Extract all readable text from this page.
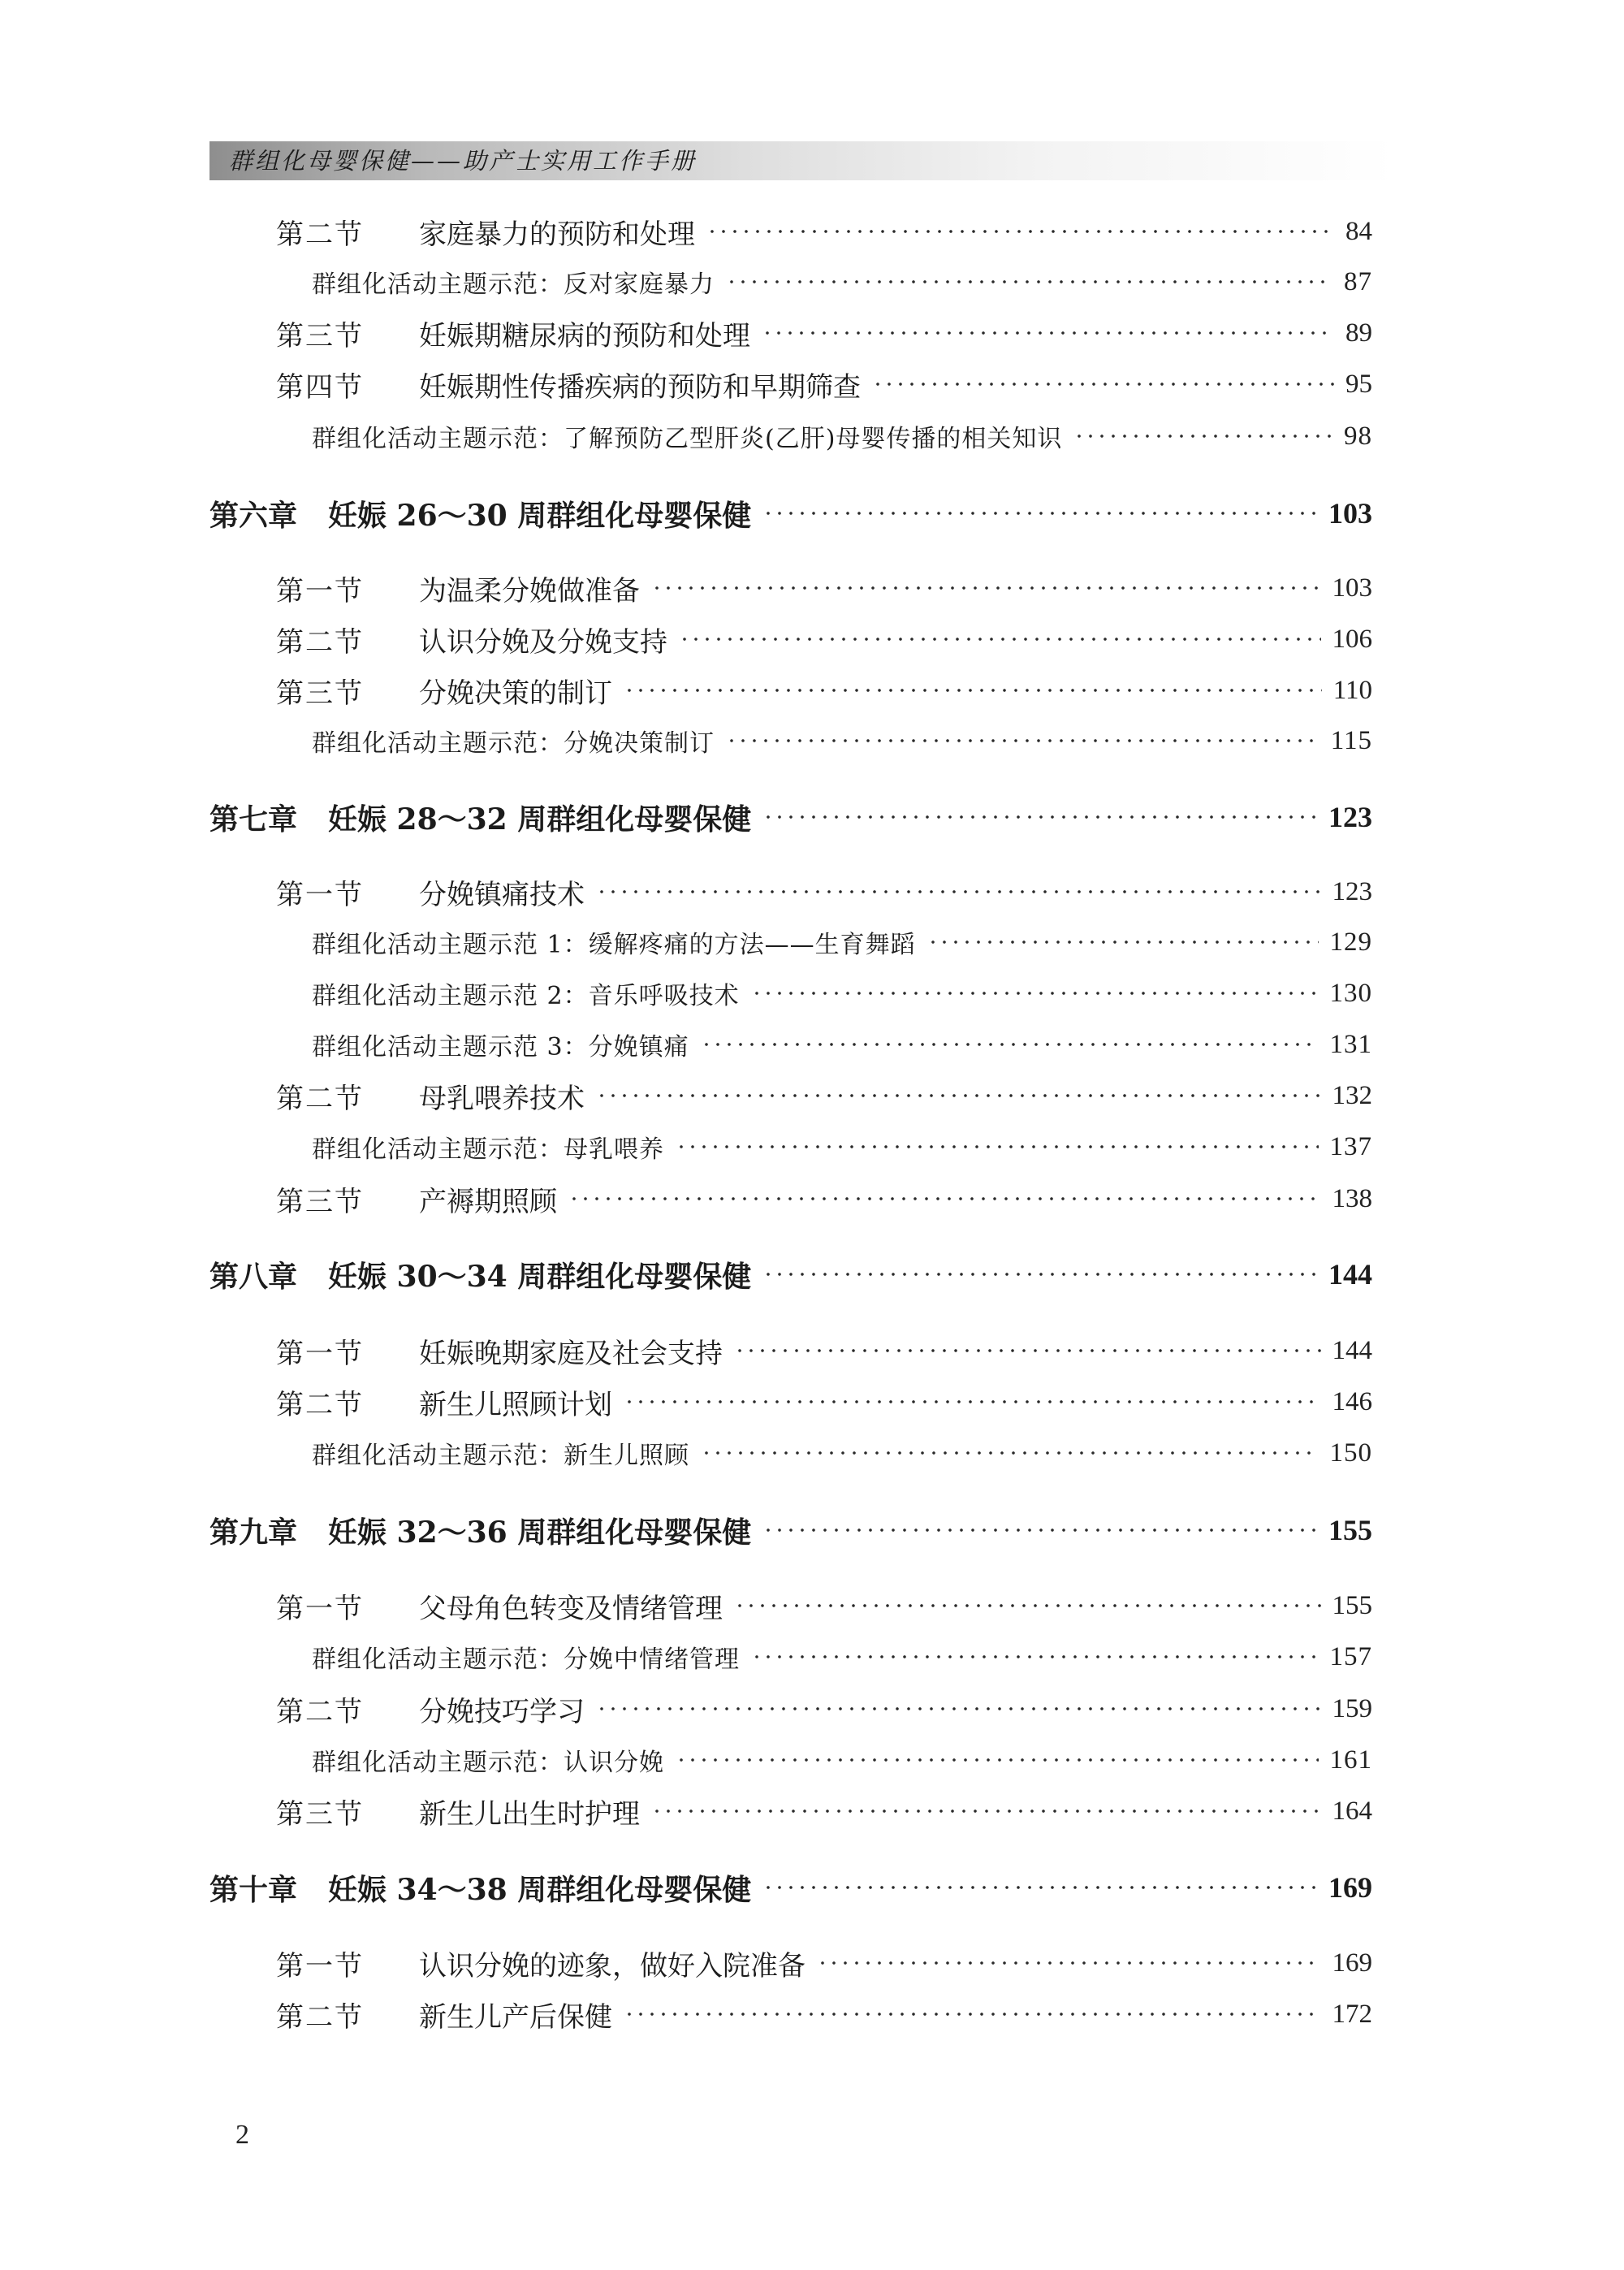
群组化母婴保健——助产士实用工作手册
第二节 家庭暴力的预防和处理	84
群组化活动主题示范：反对家庭暴力	87
第三节 妊娠期糖尿病的预防和处理	89
第四节 妊娠期性传播疾病的预防和早期筛查	95
群组化活动主题示范：了解预防乙型肝炎(乙肝)母婴传播的相关知识	98
第六章 妊娠 26～30 周群组化母婴保健	103
第一节 为温柔分娩做准备	103
第二节 认识分娩及分娩支持	106
第三节 分娩决策的制订	110
群组化活动主题示范：分娩决策制订	115
第七章 妊娠 28～32 周群组化母婴保健	123
第一节 分娩镇痛技术	123
群组化活动主题示范 1：缓解疼痛的方法——生育舞蹈	129
群组化活动主题示范 2：音乐呼吸技术	130
群组化活动主题示范 3：分娩镇痛	131
第二节 母乳喂养技术	132
群组化活动主题示范：母乳喂养	137
第三节 产褥期照顾	138
第八章 妊娠 30～34 周群组化母婴保健	144
第一节 妊娠晚期家庭及社会支持	144
第二节 新生儿照顾计划	146
群组化活动主题示范：新生儿照顾	150
第九章 妊娠 32～36 周群组化母婴保健	155
第一节 父母角色转变及情绪管理	155
群组化活动主题示范：分娩中情绪管理	157
第二节 分娩技巧学习	159
群组化活动主题示范：认识分娩	161
第三节 新生儿出生时护理	164
第十章 妊娠 34～38 周群组化母婴保健	169
第一节 认识分娩的迹象，做好入院准备	169
第二节 新生儿产后保健	172
2
